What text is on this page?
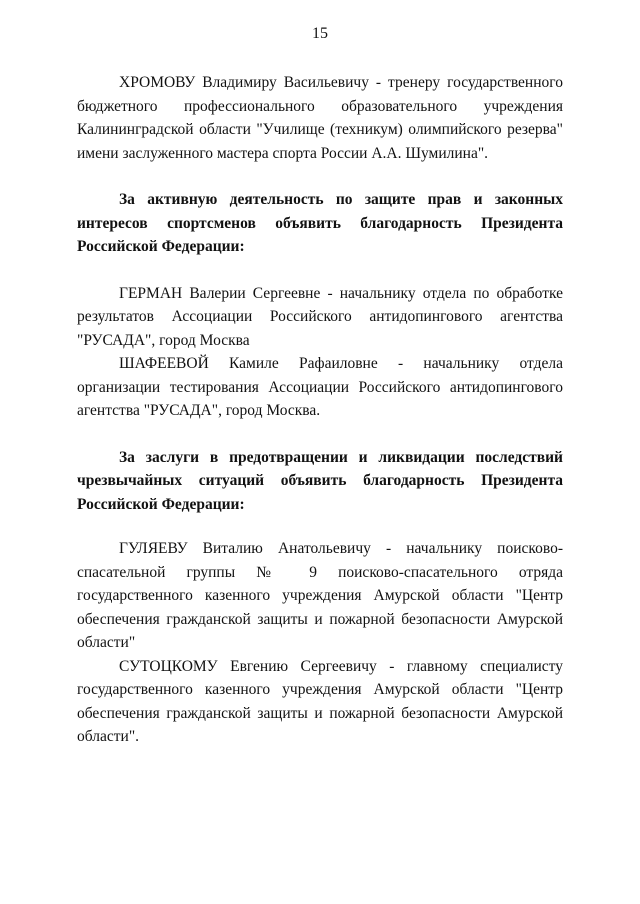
15

ХРОМОВУ Владимиру Васильевичу - тренеру государственного бюджетного профессионального образовательного учреждения Калининградской области "Училище (техникум) олимпийского резерва" имени заслуженного мастера спорта России А.А. Шумилина".

За активную деятельность по защите прав и законных интересов спортсменов объявить благодарность Президента Российской Федерации:

ГЕРМАН Валерии Сергеевне - начальнику отдела по обработке результатов Ассоциации Российского антидопингового агентства "РУСАДА", город Москва

ШАФЕЕВОЙ Камиле Рафаиловне - начальнику отдела организации тестирования Ассоциации Российского антидопингового агентства "РУСАДА", город Москва.

За заслуги в предотвращении и ликвидации последствий чрезвычайных ситуаций объявить благодарность Президента Российской Федерации:

ГУЛЯЕВУ Виталию Анатольевичу - начальнику поисково-спасательной группы № 9 поисково-спасательного отряда государственного казенного учреждения Амурской области "Центр обеспечения гражданской защиты и пожарной безопасности Амурской области"

СУТОЦКОМУ Евгению Сергеевичу - главному специалисту государственного казенного учреждения Амурской области "Центр обеспечения гражданской защиты и пожарной безопасности Амурской области".
